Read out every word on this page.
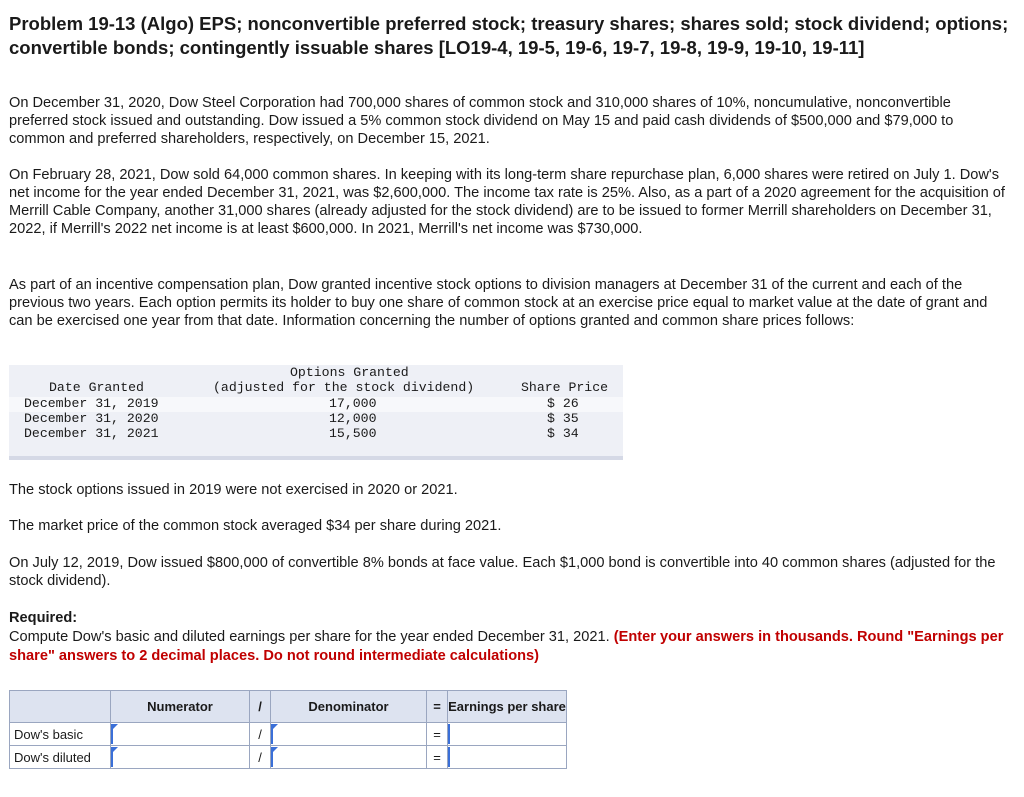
Problem 19-13 (Algo) EPS; nonconvertible preferred stock; treasury shares; shares sold; stock dividend; options; convertible bonds; contingently issuable shares [LO19-4, 19-5, 19-6, 19-7, 19-8, 19-9, 19-10, 19-11]
On December 31, 2020, Dow Steel Corporation had 700,000 shares of common stock and 310,000 shares of 10%, noncumulative, nonconvertible preferred stock issued and outstanding. Dow issued a 5% common stock dividend on May 15 and paid cash dividends of $500,000 and $79,000 to common and preferred shareholders, respectively, on December 15, 2021.
On February 28, 2021, Dow sold 64,000 common shares. In keeping with its long-term share repurchase plan, 6,000 shares were retired on July 1. Dow's net income for the year ended December 31, 2021, was $2,600,000. The income tax rate is 25%. Also, as a part of a 2020 agreement for the acquisition of Merrill Cable Company, another 31,000 shares (already adjusted for the stock dividend) are to be issued to former Merrill shareholders on December 31, 2022, if Merrill's 2022 net income is at least $600,000. In 2021, Merrill's net income was $730,000.
As part of an incentive compensation plan, Dow granted incentive stock options to division managers at December 31 of the current and each of the previous two years. Each option permits its holder to buy one share of common stock at an exercise price equal to market value at the date of grant and can be exercised one year from that date. Information concerning the number of options granted and common share prices follows:
Date Granted
Options Granted
(adjusted for the stock dividend)	Share Price
December 31, 2019	17,000	$ 26
December 31, 2020	12,000	$ 35
December 31, 2021	15,500	$ 34
The stock options issued in 2019 were not exercised in 2020 or 2021.
The market price of the common stock averaged $34 per share during 2021.
On July 12, 2019, Dow issued $800,000 of convertible 8% bonds at face value. Each $1,000 bond is convertible into 40 common shares (adjusted for the stock dividend).
Required:
Compute Dow's basic and diluted earnings per share for the year ended December 31, 2021. (Enter your answers in thousands. Round "Earnings per share" answers to 2 decimal places. Do not round intermediate calculations)
	Numerator	/	Denominator	=	Earnings per share
Dow's basic		/		=	

Dow's diluted		/		=	
